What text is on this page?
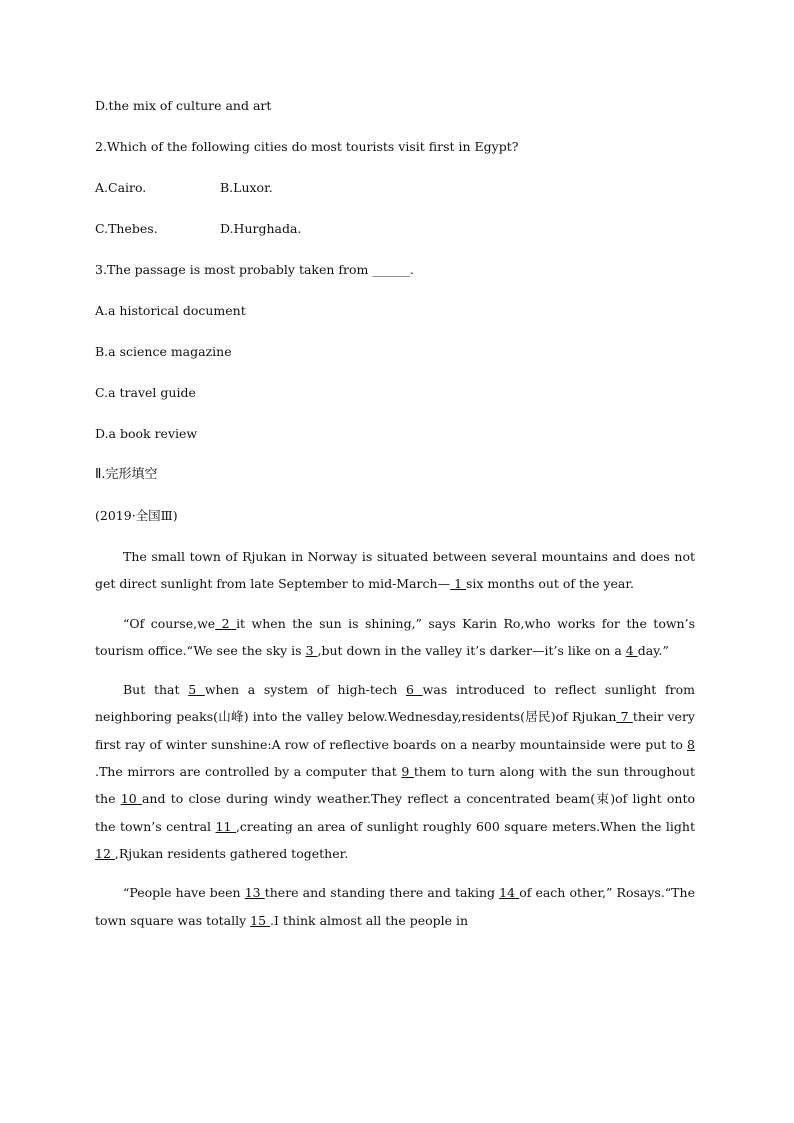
D.the mix of culture and art
2.Which of the following cities do most tourists visit first in Egypt?
A.Cairo.	B.Luxor.
C.Thebes.	D.Hurghada.
3.The passage is most probably taken from ______.
A.a historical document
B.a science magazine
C.a travel guide
D.a book review
Ⅱ.完形填空
(2019·全国Ⅲ)

The small town of Rjukan in Norway is situated between several mountains and does not get direct sunlight from late September to mid-March— 1 six months out of the year.

“Of course,we 2 it when the sun is shining,” says Karin Ro,who works for the town’s tourism office.“We see the sky is 3 ,but down in the valley it’s darker—it’s like on a 4 day.”

But that 5 when a system of high-tech 6 was introduced to reflect sunlight from neighboring peaks(山峰) into the valley below.Wednesday,residents(居民)of Rjukan 7 their very first ray of winter sunshine:A row of reflective boards on a nearby mountainside were put to 8 .The mirrors are controlled by a computer that 9 them to turn along with the sun throughout the 10 and to close during windy weather.They reflect a concentrated beam(束)of light onto the town’s central 11 ,creating an area of sunlight roughly 600 square meters.When the light 12 ,Rjukan residents gathered together.

“People have been 13 there and standing there and taking 14 of each other,” Rosays.“The town square was totally 15 .I think almost all the people in
